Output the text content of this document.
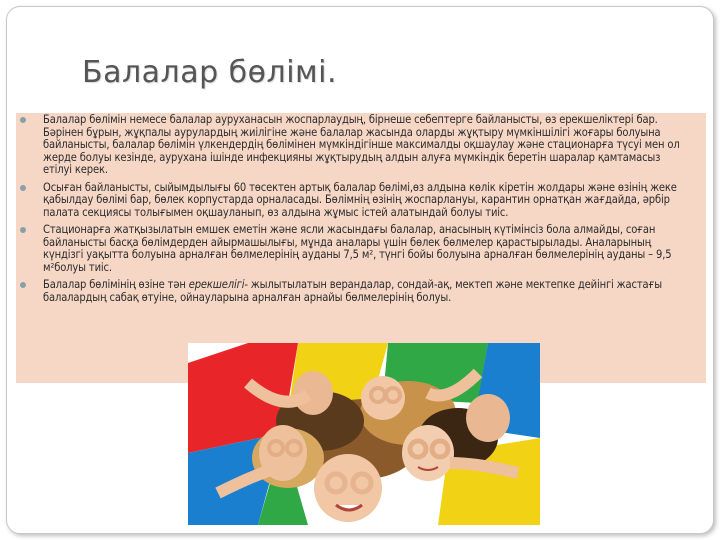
Балалар бөлімі.
Балалар бөлімін немесе балалар ауруханасын жоспарлаудың, бірнеше себептерге байланысты, өз ерекшеліктері бар. Бәрінен бұрын, жұқпалы аурулардың жиілігіне және балалар жасында оларды жұқтыру мүмкіншілігі жоғары болуына байланысты, балалар бөлімін үлкендердің бөлімінен мүмкіндігінше максималды оқшаулау және стационарға түсуі мен ол жерде болуы кезінде, аурухана ішінде инфекцияны жұқтырудың алдын алуға мүмкіндік беретін шаралар қамтамасыз етілуі керек.
Осыған байланысты, сыйымдылығы 60 төсектен артық балалар бөлімі,өз алдына көлік кіретін жолдары және өзінің жеке қабылдау бөлімі бар, бөлек корпустарда орналасады. Бөлімнің өзінің жоспарлануы, карантин орнатқан жағдайда, әрбір палата секциясы толығымен оқшауланып, өз алдына жұмыс істей алатындай болуы тиіс.
Стационарға жатқызылатын емшек еметін және ясли жасындағы балалар, анасының күтімінсіз бола алмайды, соған байланысты басқа бөлімдерден айырмашылығы, мұнда аналары үшін бөлек бөлмелер қарастырылады. Аналарының күндізгі уақытта болуына арналған бөлмелерінің ауданы 7,5 м², түнгі бойы болуына арналған бөлмелерінің ауданы – 9,5 м²болуы тиіс.
Балалар бөлімінің өзіне тән ерекшелігі- жылытылатын верандалар, сондай-ақ, мектеп және мектепке дейінгі жастағы балалардың сабақ өтуіне, ойнауларына арналған арнайы бөлмелерінің болуы.
